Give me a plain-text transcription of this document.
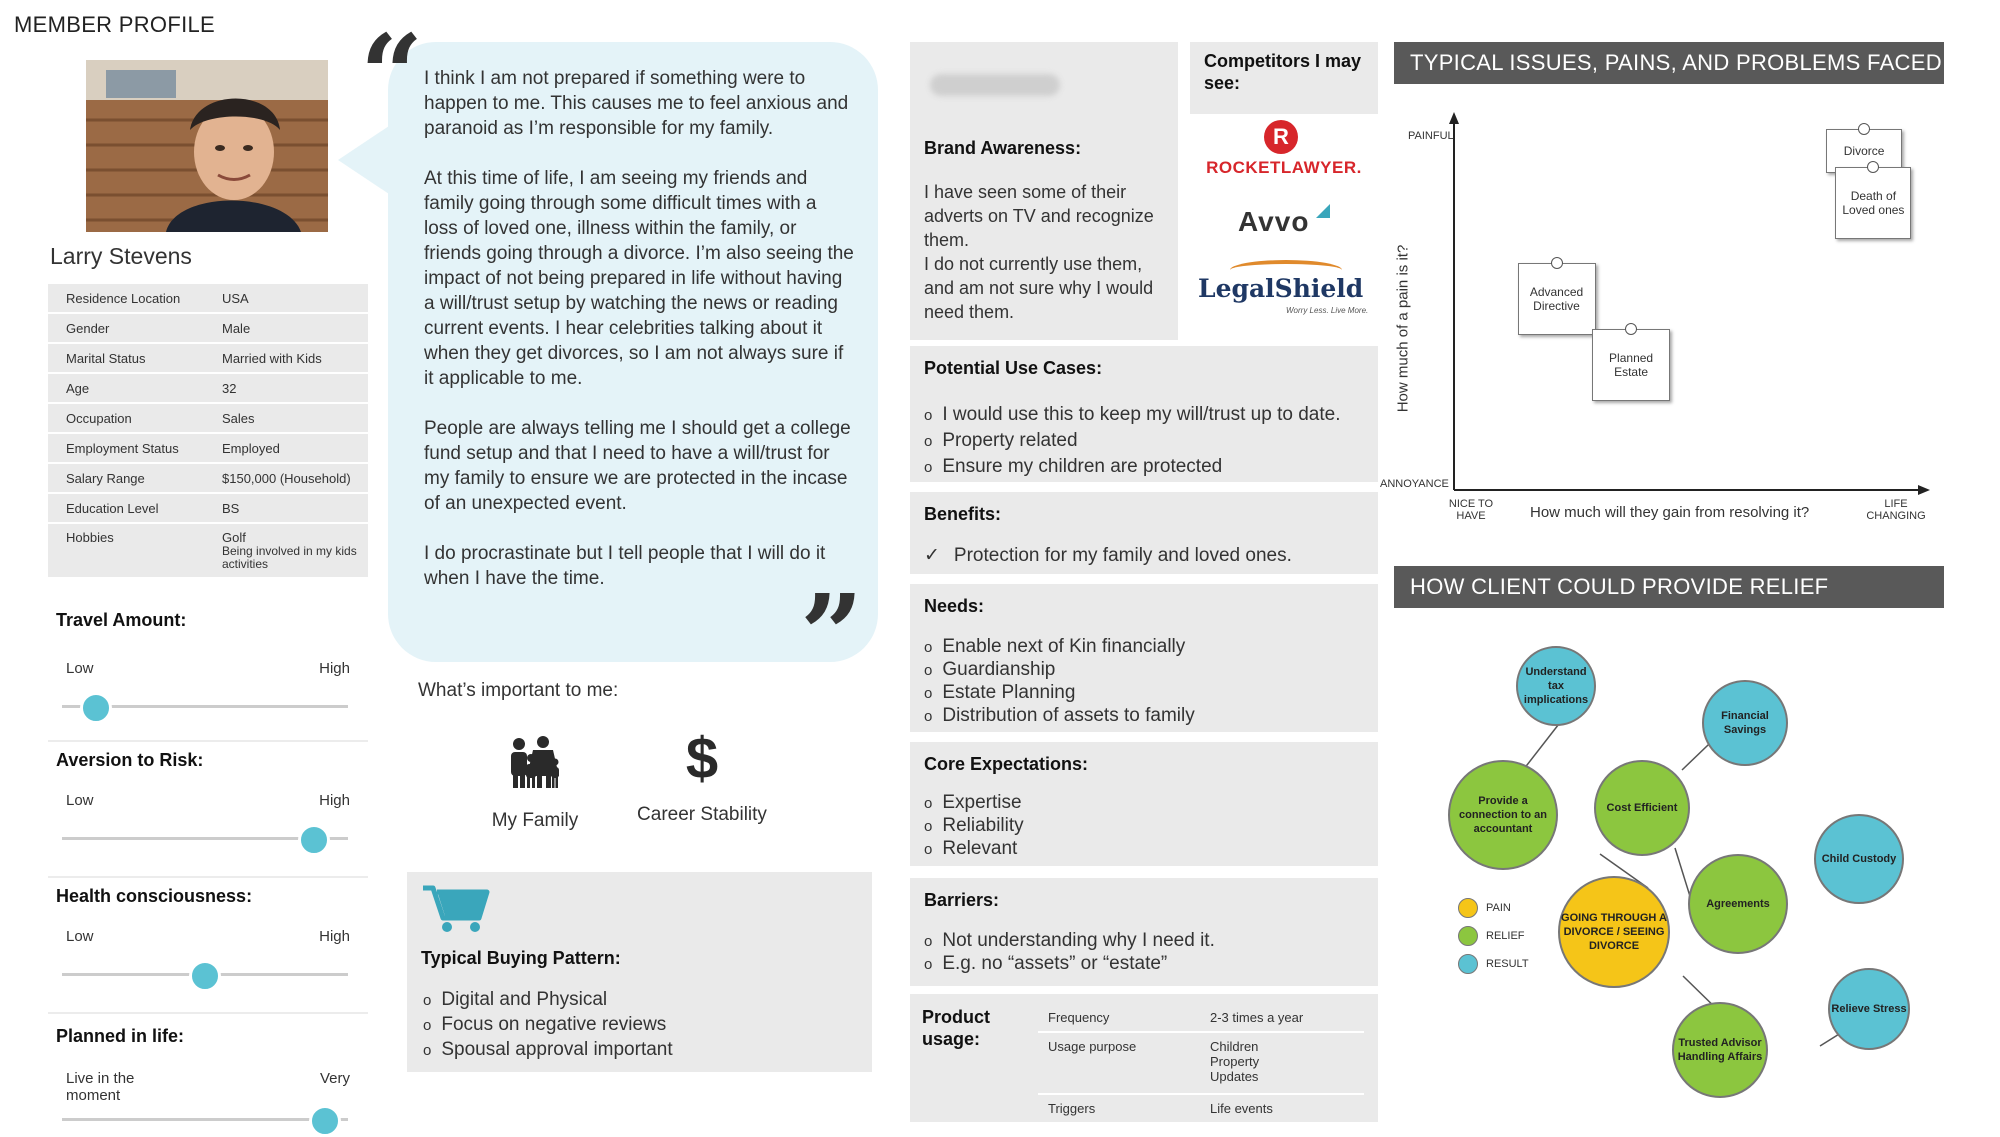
MEMBER PROFILE
Larry Stevens
Residence Location	USA
Gender	Male
Marital Status	Married with Kids
Age	32
Occupation	Sales
Employment Status	Employed
Salary Range	$150,000 (Household)
Education Level	BS
Hobbies	Golf
Being involved in my kids activities
Travel Amount:
Low	High
Aversion to Risk:
Low	High
Health consciousness:
Low	High
Planned in life:
Live in the moment
Very
“
”

I think I am not prepared if something were to happen to me. This causes me to feel anxious and paranoid as I’m responsible for my family.

At this time of life, I am seeing my friends and family going through some difficult times with a loss of loved one, illness within the family, or friends going through a divorce. I’m also seeing the impact of not being prepared in life without having a will/trust setup by watching the news or reading current events. I hear celebrities talking about it when they get divorces, so I am not always sure if it applicable to me.

People are always telling me I should get a college fund setup and that I need to have a will/trust for my family to ensure we are protected in the incase of an unexpected event.

I do procrastinate but I tell people that I will do it when I have the time.

What’s important to me:
My Family
$
Career Stability
Typical Buying Pattern:
o Digital and Physical
o Focus on negative reviews
o Spousal approval important
Brand Awareness:
I have seen some of their adverts on TV and recognize them.
I do not currently use them, and am not sure why I would need them.
Competitors I may see:
R
ROCKETLAWYER.
Avvo
LegalShield
Worry Less. Live More.
Potential Use Cases:
o I would use this to keep my will/trust up to date.
o Property related
o Ensure my children are protected
Benefits:
✓ Protection for my family and loved ones.
Needs:
o Enable next of Kin financially
o Guardianship
o Estate Planning
o Distribution of assets to family
Core Expectations:
o Expertise
o Reliability
o Relevant
Barriers:
o Not understanding why I need it.
o E.g. no “assets” or “estate”
Product usage:
Frequency	2-3 times a year
Usage purpose	Children
Property
Updates
Triggers	Life events
TYPICAL ISSUES, PAINS, AND PROBLEMS FACED
PAINFUL
ANNOYANCE
How much of a pain is it?
NICE TO HAVE
LIFE CHANGING
How much will they gain from resolving it?
Divorce
Death of Loved ones
Advanced Directive
Planned Estate
HOW CLIENT COULD PROVIDE RELIEF
Understand tax implications
Financial Savings
Provide a connection to an accountant
Cost Efficient
Child Custody
Agreements
GOING THROUGH A DIVORCE / SEEING DIVORCE
Relieve Stress
Trusted Advisor Handling Affairs
PAIN
RELIEF
RESULT
